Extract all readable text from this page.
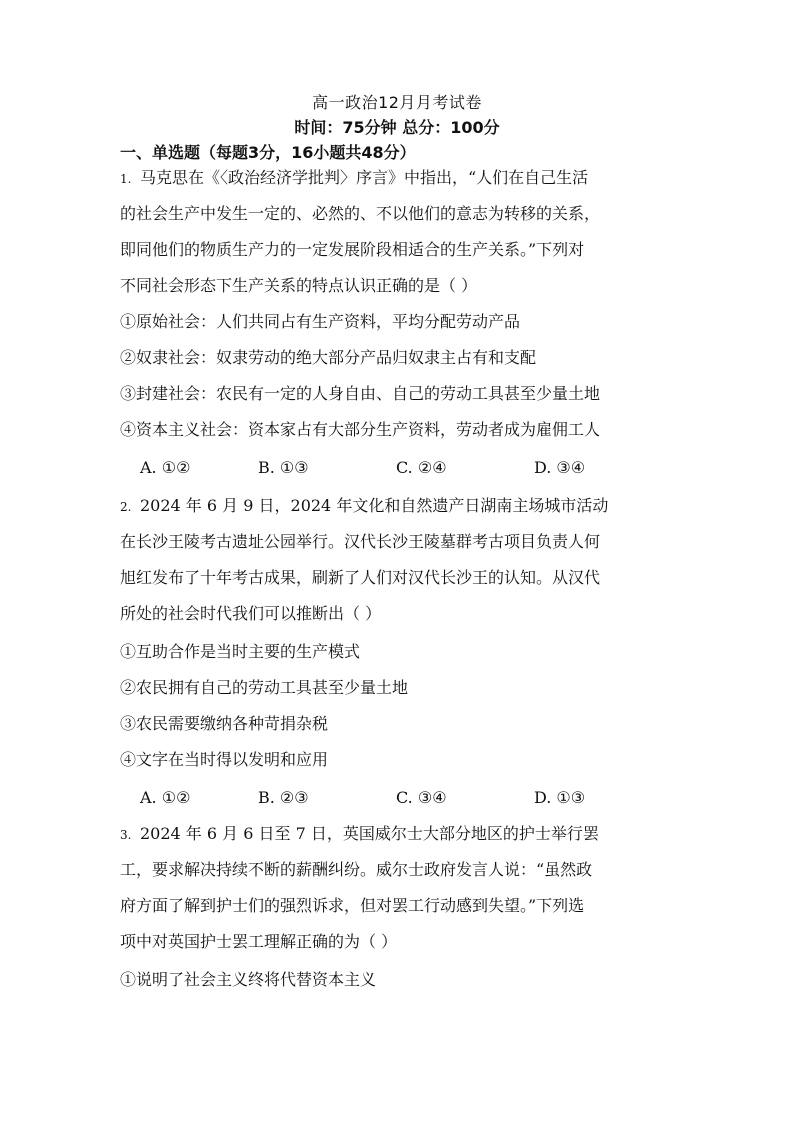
高一政治12月月考试卷
时间：75分钟 总分：100分
一、单选题（每题3分，16小题共48分）
1. 马克思在《〈政治经济学批判〉序言》中指出，“人们在自己生活
的社会生产中发生一定的、必然的、不以他们的意志为转移的关系，
即同他们的物质生产力的一定发展阶段相适合的生产关系。”下列对
不同社会形态下生产关系的特点认识正确的是（ ）
①原始社会：人们共同占有生产资料，平均分配劳动产品
②奴隶社会：奴隶劳动的绝大部分产品归奴隶主占有和支配
③封建社会：农民有一定的人身自由、自己的劳动工具甚至少量土地
④资本主义社会：资本家占有大部分生产资料，劳动者成为雇佣工人
A. ①②	B. ①③	C. ②④	D. ③④
2. 2024 年 6 月 9 日，2024 年文化和自然遗产日湖南主场城市活动
在长沙王陵考古遗址公园举行。汉代长沙王陵墓群考古项目负责人何
旭红发布了十年考古成果，刷新了人们对汉代长沙王的认知。从汉代
所处的社会时代我们可以推断出（ ）
①互助合作是当时主要的生产模式
②农民拥有自己的劳动工具甚至少量土地
③农民需要缴纳各种苛捐杂税
④文字在当时得以发明和应用
A. ①②	B. ②③	C. ③④	D. ①③
3. 2024 年 6 月 6 日至 7 日，英国威尔士大部分地区的护士举行罢
工，要求解决持续不断的薪酬纠纷。威尔士政府发言人说：“虽然政
府方面了解到护士们的强烈诉求，但对罢工行动感到失望。”下列选
项中对英国护士罢工理解正确的为（ ）
①说明了社会主义终将代替资本主义
